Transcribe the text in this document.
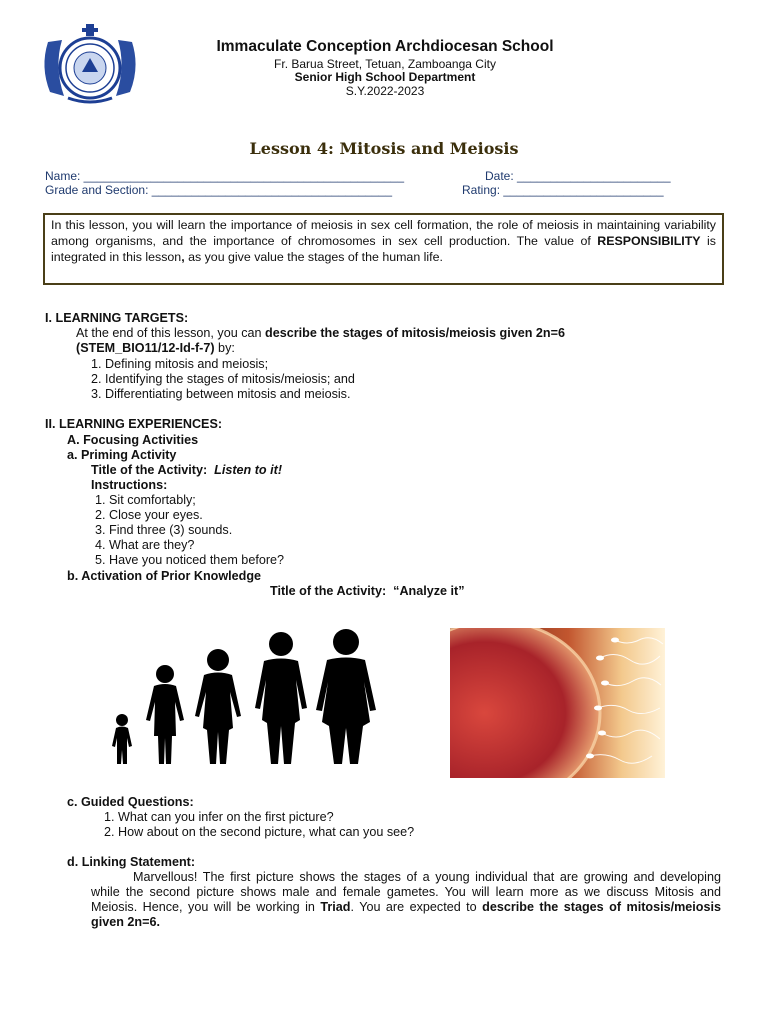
Immaculate Conception Archdiocesan School
Fr. Barua Street, Tetuan, Zamboanga City
Senior High School Department
S.Y.2022-2023
Lesson 4: Mitosis and Meiosis
Name: ________________________________________________	Date: _______________________
Grade and Section: ____________________________________	Rating: ________________________
In this lesson, you will learn the importance of meiosis in sex cell formation, the role of meiosis in maintaining variability among organisms, and the importance of chromosomes in sex cell production. The value of RESPONSIBILITY is integrated in this lesson, as you give value the stages of the human life.
I. LEARNING TARGETS:
At the end of this lesson, you can describe the stages of mitosis/meiosis given 2n=6
(STEM_BIO11/12-Id-f-7) by:
1. Defining mitosis and meiosis;
2. Identifying the stages of mitosis/meiosis; and
3. Differentiating between mitosis and meiosis.
II. LEARNING EXPERIENCES:
A. Focusing Activities
a. Priming Activity
Title of the Activity: Listen to it!
Instructions:
1. Sit comfortably;
2. Close your eyes.
3. Find three (3) sounds.
4. What are they?
5. Have you noticed them before?
b. Activation of Prior Knowledge
Title of the Activity: “Analyze it”
c. Guided Questions:
1. What can you infer on the first picture?
2. How about on the second picture, what can you see?
d. Linking Statement:
Marvellous! The first picture shows the stages of a young individual that are growing and developing while the second picture shows male and female gametes. You will learn more as we discuss Mitosis and Meiosis. Hence, you will be working in Triad. You are expected to describe the stages of mitosis/meiosis given 2n=6.
